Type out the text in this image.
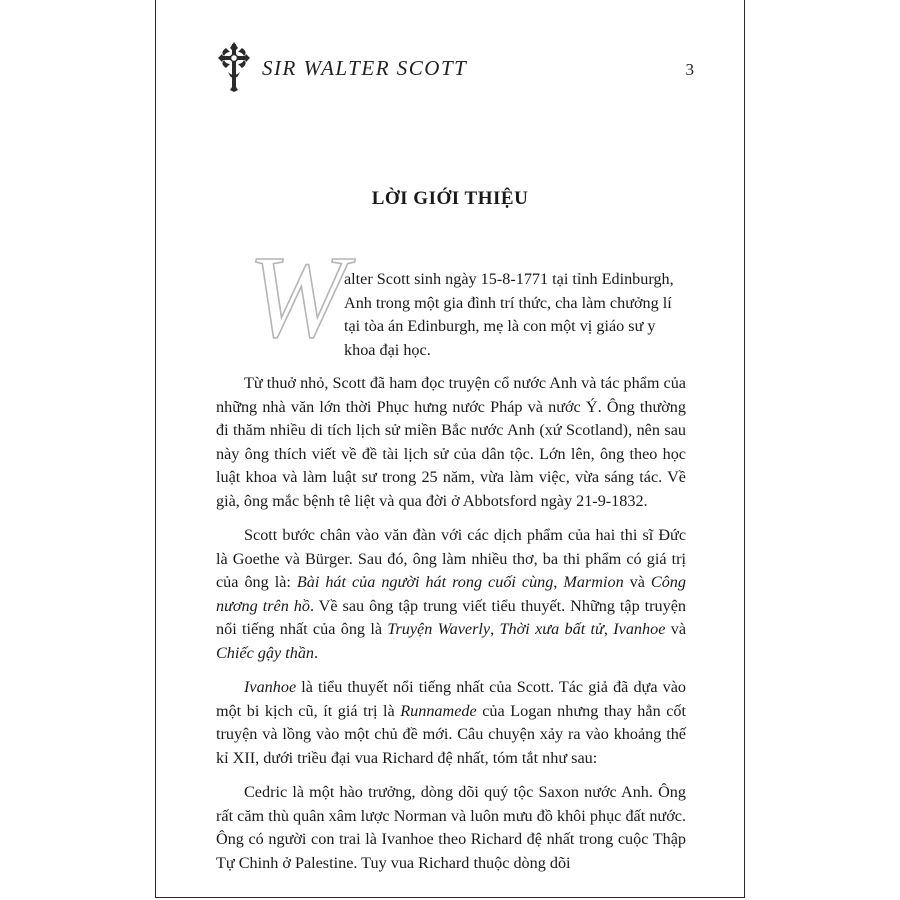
SIR WALTER SCOTT	3
LỜI GIỚI THIỆU
W

alter Scott sinh ngày 15-8-1771 tại tỉnh Edinburgh, Anh trong một gia đình trí thức, cha làm chưởng lí tại tòa án Edinburgh, mẹ là con một vị giáo sư y khoa đại học.

Từ thuở nhỏ, Scott đã ham đọc truyện cổ nước Anh và tác phẩm của những nhà văn lớn thời Phục hưng nước Pháp và nước Ý. Ông thường đi thăm nhiều di tích lịch sử miền Bắc nước Anh (xứ Scotland), nên sau này ông thích viết về đề tài lịch sử của dân tộc. Lớn lên, ông theo học luật khoa và làm luật sư trong 25 năm, vừa làm việc, vừa sáng tác. Về già, ông mắc bệnh tê liệt và qua đời ở Abbotsford ngày 21-9-1832.

Scott bước chân vào văn đàn với các dịch phẩm của hai thi sĩ Đức là Goethe và Bürger. Sau đó, ông làm nhiều thơ, ba thi phẩm có giá trị của ông là: Bài hát của người hát rong cuối cùng, Marmion và Công nương trên hồ. Về sau ông tập trung viết tiểu thuyết. Những tập truyện nổi tiếng nhất của ông là Truyện Waverly, Thời xưa bất tử, Ivanhoe và Chiếc gậy thần.

Ivanhoe là tiểu thuyết nổi tiếng nhất của Scott. Tác giả đã dựa vào một bi kịch cũ, ít giá trị là Runnamede của Logan nhưng thay hẳn cốt truyện và lồng vào một chủ đề mới. Câu chuyện xảy ra vào khoảng thế kỉ XII, dưới triều đại vua Richard đệ nhất, tóm tắt như sau:

Cedric là một hào trưởng, dòng dõi quý tộc Saxon nước Anh. Ông rất căm thù quân xâm lược Norman và luôn mưu đồ khôi phục đất nước. Ông có người con trai là Ivanhoe theo Richard đệ nhất trong cuộc Thập Tự Chinh ở Palestine. Tuy vua Richard thuộc dòng dõi
